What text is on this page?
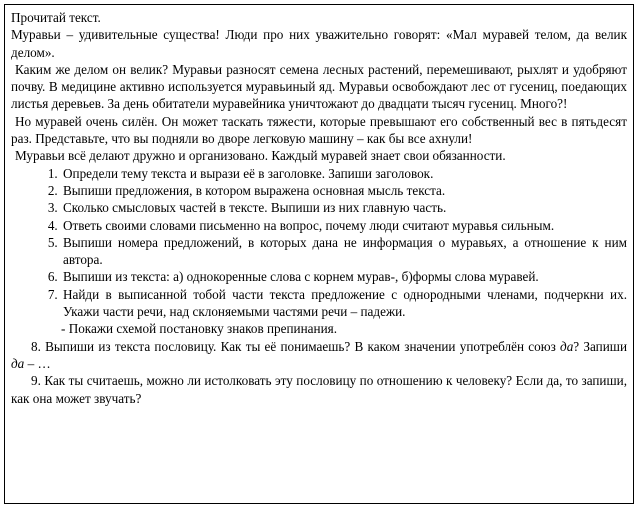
Прочитай текст.

Муравьи – удивительные существа! Люди про них уважительно говорят: «Мал муравей телом, да велик делом».

Каким же делом он велик? Муравьи разносят семена лесных растений, перемешивают, рыхлят и удобряют почву. В медицине активно используется муравьиный яд. Муравьи освобождают лес от гусениц, поедающих листья деревьев. За день обитатели муравейника уничтожают до двадцати тысяч гусениц. Много?!

Но муравей очень силён. Он может таскать тяжести, которые превышают его собственный вес в пятьдесят раз. Представьте, что вы подняли во дворе легковую машину – как бы все ахнули!

Муравьи всё делают дружно и организовано. Каждый муравей знает свои обязанности.

1. Определи тему текста и вырази её в заголовке. Запиши заголовок.
2. Выпиши предложения, в котором выражена основная мысль текста.
3. Сколько смысловых частей в тексте. Выпиши из них главную часть.
4. Ответь своими словами письменно на вопрос, почему люди считают муравья сильным.
5. Выпиши номера предложений, в которых дана не информация о муравьях, а отношение к ним автора.
6. Выпиши из текста: а) однокоренные слова с корнем мурав-, б)формы слова муравей.
7. Найди в выписанной тобой части текста предложение с однородными членами, подчеркни их. Укажи части речи, над склоняемыми частями речи – падежи.

- Покажи схемой постановку знаков препинания.

8. Выпиши из текста пословицу. Как ты её понимаешь? В каком значении употреблён союз да? Запиши да – …

9. Как ты считаешь, можно ли истолковать эту пословицу по отношению к человеку? Если да, то запиши, как она может звучать?
